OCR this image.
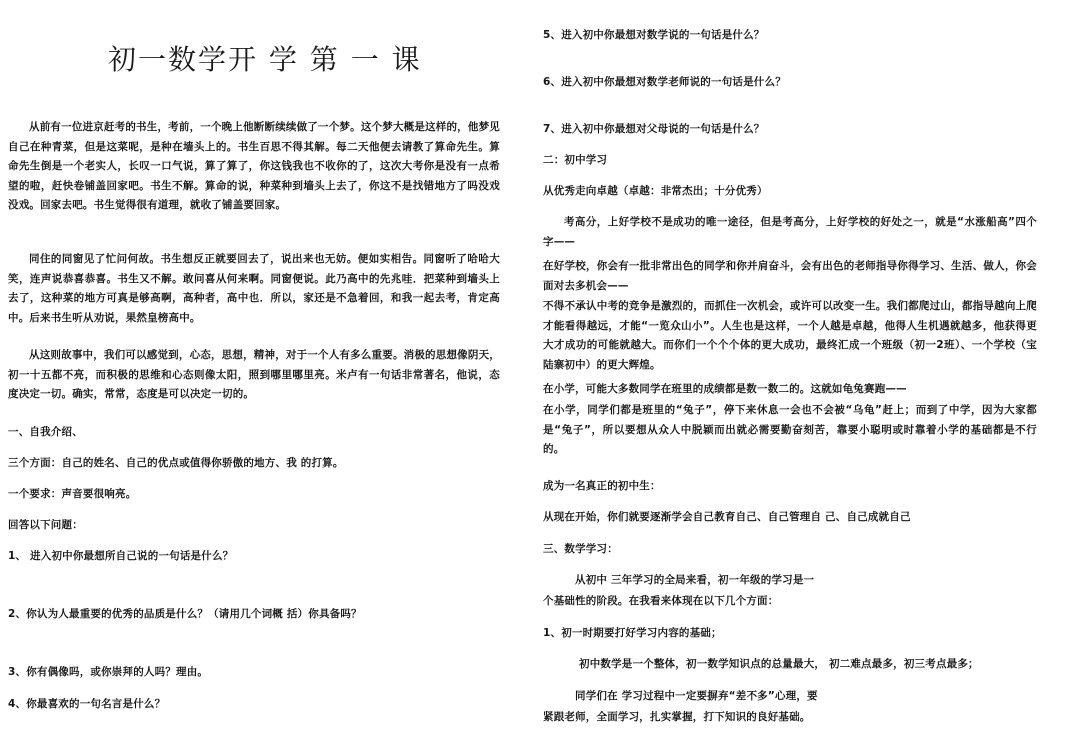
初一数学开 学 第 一 课

从前有一位进京赶考的书生，考前，一个晚上他断断续续做了一个梦。这个梦大概是这样的，他梦见自己在种青菜，但是这菜呢，是种在墙头上的。书生百思不得其解。每二天他便去请教了算命先生。算命先生倒是一个老实人，长叹一口气说，算了算了，你这钱我也不收你的了，这次大考你是没有一点希望的啦，赶快卷铺盖回家吧。书生不解。算命的说，种菜种到墙头上去了，你这不是找错地方了吗没戏没戏。回家去吧。书生觉得很有道理，就收了铺盖要回家。

同住的同窗见了忙问何故。书生想反正就要回去了，说出来也无妨。便如实相告。同窗听了哈哈大笑，连声说恭喜恭喜。书生又不解。敢问喜从何来啊。同窗便说。此乃高中的先兆哇．把菜种到墙头上去了，这种菜的地方可真是够高啊，高种者，高中也．所以，家还是不急着回，和我一起去考，肯定高中。后来书生听从劝说，果然皇榜高中。

从这则故事中，我们可以感觉到，心态，思想，精神，对于一个人有多么重要。消极的思想像阴天，初一十五都不亮，而积极的思维和心态则像太阳，照到哪里哪里亮。米卢有一句话非常著名，他说，态度决定一切。确实，常常，态度是可以决定一切的。

一、自我介绍、

三个方面：自己的姓名、自己的优点或值得你骄傲的地方、我 的打算。

一个要求：声音要很响亮。

回答以下问题：

1、 进入初中你最想所自己说的一句话是什么？

2、你认为人最重要的优秀的品质是什么？（请用几个词概 括）你具备吗？

3、你有偶像吗，或你崇拜的人吗？理由。

4、你最喜欢的一句名言是什么？

5、进入初中你最想对数学说的一句话是什么？

6、进入初中你最想对数学老师说的一句话是什么？

7、进入初中你最想对父母说的一句话是什么？

二：初中学习

从优秀走向卓越（卓越：非常杰出；十分优秀）

考高分，上好学校不是成功的唯一途径，但是考高分，上好学校的好处之一，就是“水涨船高”四个字——

在好学校，你会有一批非常出色的同学和你并肩奋斗，会有出色的老师指导你得学习、生活、做人，你会面对去多机会——

不得不承认中考的竞争是激烈的，而抓住一次机会，或许可以改变一生。我们都爬过山，都指导越向上爬才能看得越远，才能“一览众山小”。人生也是这样，一个人越是卓越，他得人生机遇就越多，他获得更大才成功的可能就越大。而你们一个个个体的更大成功，最终汇成一个班级（初一2班）、一个学校（宝陆寨初中）的更大辉煌。

在小学，可能大多数同学在班里的成绩都是数一数二的。这就如龟兔赛跑——

在小学，同学们都是班里的“兔子”，停下来休息一会也不会被“乌龟”赶上；而到了中学，因为大家都是“兔子”，所以要想从众人中脱颖而出就必需要勤奋刻苦，靠要小聪明或时靠着小学的基础都是不行的。

成为一名真正的初中生：

从现在开始，你们就要逐渐学会自己教育自己、自己管理自 己、自己成就自己

三、数学学习：

从初中 三年学习的全局来看，初一年级的学习是一

个基础性的阶段。在我看来体现在以下几个方面：

1、初一时期要打好学习内容的基础；

初中数学是一个整体，初一数学知识点的总量最大， 初二难点最多，初三考点最多；

同学们在 学习过程中一定要摒弃“差不多”心理，要

紧跟老师，全面学习，扎实掌握，打下知识的良好基础。
